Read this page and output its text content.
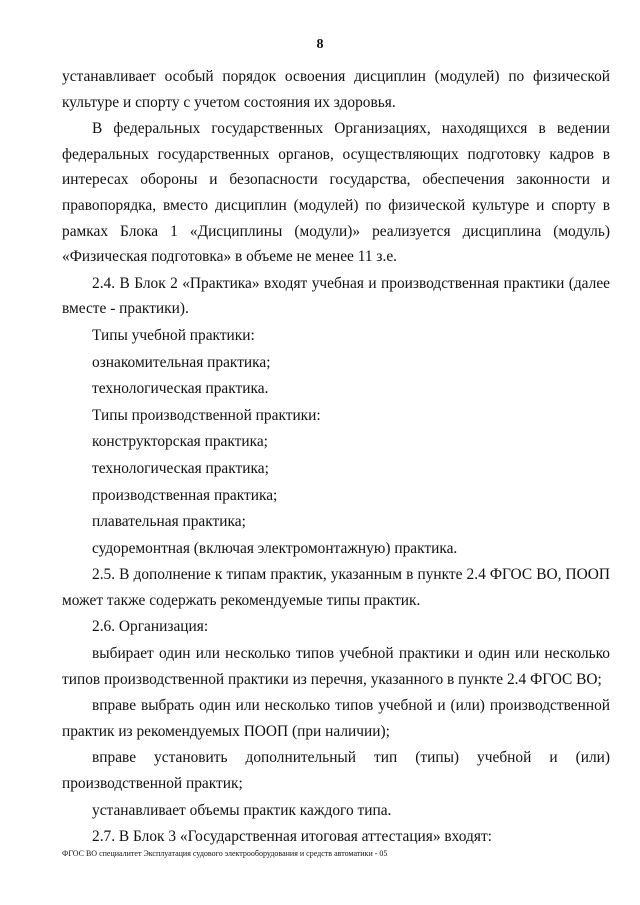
8

устанавливает особый порядок освоения дисциплин (модулей) по физической культуре и спорту с учетом состояния их здоровья.

В федеральных государственных Организациях, находящихся в ведении федеральных государственных органов, осуществляющих подготовку кадров в интересах обороны и безопасности государства, обеспечения законности и правопорядка, вместо дисциплин (модулей) по физической культуре и спорту в рамках Блока 1 «Дисциплины (модули)» реализуется дисциплина (модуль) «Физическая подготовка» в объеме не менее 11 з.е.

2.4. В Блок 2 «Практика» входят учебная и производственная практики (далее вместе - практики).

Типы учебной практики:

ознакомительная практика;

технологическая практика.

Типы производственной практики:

конструкторская практика;

технологическая практика;

производственная практика;

плавательная практика;

судоремонтная (включая электромонтажную) практика.

2.5. В дополнение к типам практик, указанным в пункте 2.4 ФГОС ВО, ПООП может также содержать рекомендуемые типы практик.

2.6. Организация:

выбирает один или несколько типов учебной практики и один или несколько типов производственной практики из перечня, указанного в пункте 2.4 ФГОС ВО;

вправе выбрать один или несколько типов учебной и (или) производственной практик из рекомендуемых ПООП (при наличии);

вправе установить дополнительный тип (типы) учебной и (или) производственной практик;

устанавливает объемы практик каждого типа.

2.7. В Блок 3 «Государственная итоговая аттестация» входят:

ФГОС ВО специалитет Эксплуатация судового электрооборудования и средств автоматики - 05
